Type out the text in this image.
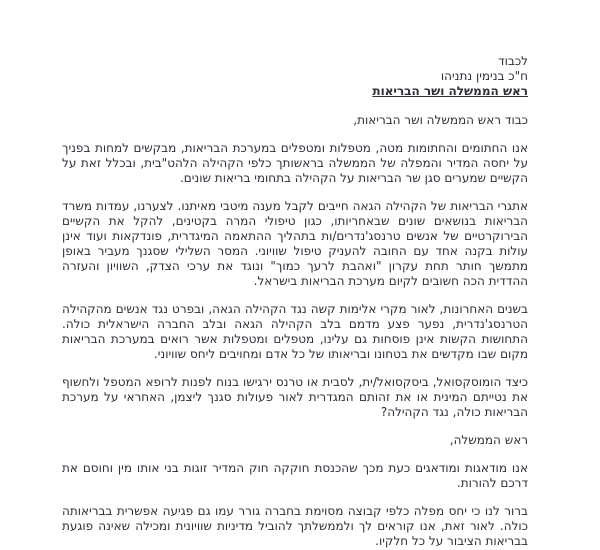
לכבוד
ח"כ בנימין נתניהו
ראש הממשלה ושר הבריאות

כבוד ראש הממשלה ושר הבריאות,

אנו החתומים והחתומות מטה, מטפלות ומטפלים במערכת הבריאות, מבקשים למחות בפניך על יחסה המדיר והמפלה של הממשלה בראשותך כלפי הקהילה הלהט"בית, ובכלל זאת על הקשיים שמערים סגן שר הבריאות על הקהילה בתחומי בריאות שונים.

אתגרי הבריאות של הקהילה הגאה חייבים לקבל מענה מיטבי מאיתנו. לצערנו, עמדות משרד הבריאות בנושאים שונים שבאחריותו, כגון טיפולי המרה בקטינים, להקל את הקשיים הבירוקרטיים של אנשים טרנסג'נדרים/ות בתהליך ההתאמה המיגדרית, פונדקאות ועוד אינן עולות בקנה אחד עם החובה להעניק טיפול שוויוני. המסר השלילי שסגנך מעביר באופן מתמשך חותר תחת עקרון "ואהבת לרעך כמוך" ונוגד את ערכי הצדק, השוויון והעזרה ההדדית הכה חשובים לקיום מערכת הבריאות בישראל.

בשנים האחרונות, לאור מקרי אלימות קשה נגד הקהילה הגאה, ובפרט נגד אנשים מהקהילה הטרנסג'נדרית, נפער פצע מדמם בלב הקהילה הגאה ובלב החברה הישראלית כולה. התחושות הקשות אינן פוסחות גם עלינו, מטפלים ומטפלות אשר רואים במערכת הבריאות מקום שבו מקדשים את בטחונו ובריאותו של כל אדם ומחויבים ליחס שוויוני.

כיצד הומוסקסואל, ביסקסואל/ית, לסבית או טרנס ירגישו בנוח לפנות לרופא המטפל ולחשוף את נטייתם המינית או את זהותם המגדרית לאור פעולות סגנך ליצמן, האחראי על מערכת הבריאות כולה, נגד הקהילה?

ראש הממשלה,

אנו מודאגות ומודאגים כעת מכך שהכנסת חוקקה חוק המדיר זוגות בני אותו מין וחוסם את דרכם להורות.

ברור לנו כי יחס מפלה כלפי קבוצה מסוימת בחברה גורר עמו גם פגיעה אפשרית בבריאותה כולה. לאור זאת, אנו קוראים לך ולממשלתך להוביל מדיניות שוויונית ומכילה שאינה פוגעת בבריאות הציבור על כל חלקיו.
